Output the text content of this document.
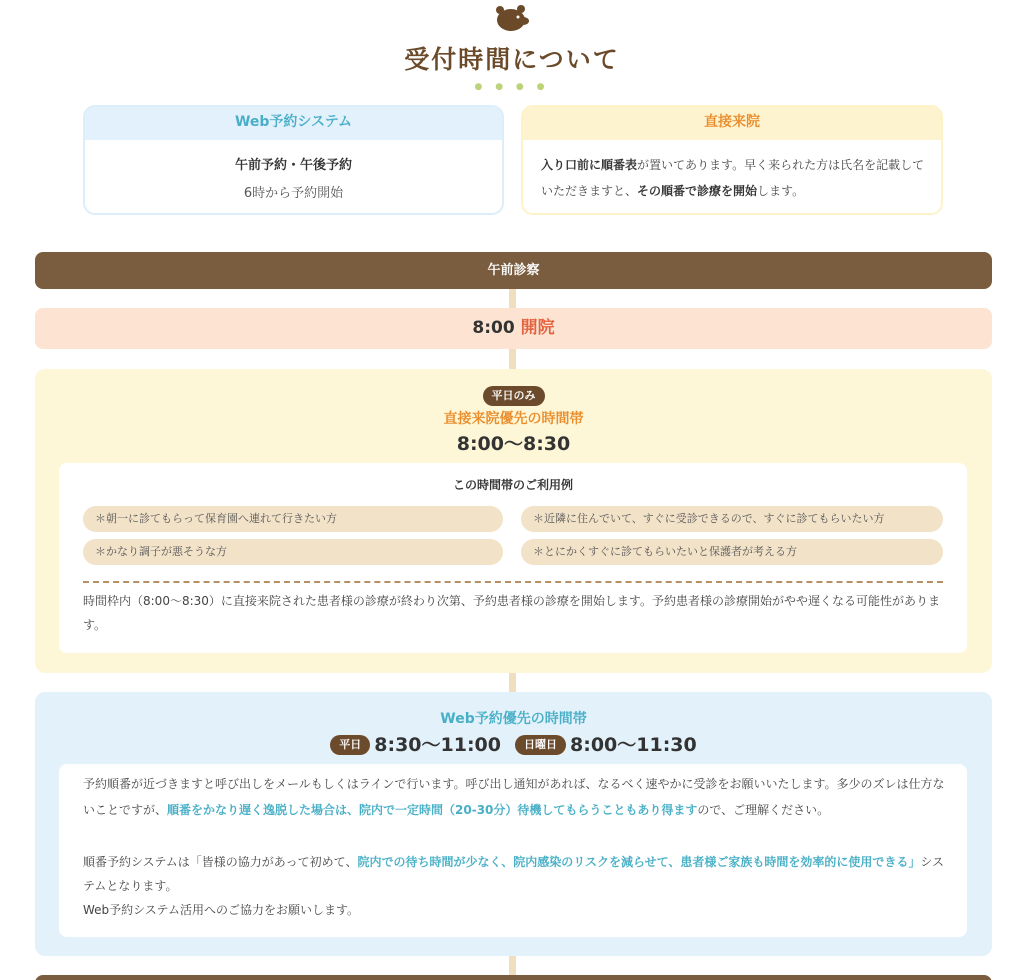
受付時間について
● ● ● ●
Web予約システム
午前予約・午後予約
6時から予約開始
直接来院
入り口前に順番表が置いてあります。早く来られた方は氏名を記載していただきますと、その順番で診療を開始します。
午前診察
8:00 開院
平日のみ
直接来院優先の時間帯
8:00〜8:30
この時間帯のご利用例
＊朝一に診てもらって保育園へ連れて行きたい方	＊近隣に住んでいて、すぐに受診できるので、すぐに診てもらいたい方
＊かなり調子が悪そうな方	＊とにかくすぐに診てもらいたいと保護者が考える方
時間枠内（8:00〜8:30）に直接来院された患者様の診療が終わり次第、予約患者様の診療を開始します。予約患者様の診療開始がやや遅くなる可能性があります。
Web予約優先の時間帯
平日 8:30〜11:00 日曜日 8:00〜11:30
予約順番が近づきますと呼び出しをメールもしくはラインで行います。呼び出し通知があれば、なるべく速やかに受診をお願いいたします。多少のズレは仕方ないことですが、順番をかなり遅く逸脱した場合は、院内で一定時間（20-30分）待機してもらうこともあり得ますので、ご理解ください。
順番予約システムは「皆様の協力があって初めて、院内での待ち時間が少なく、院内感染のリスクを減らせて、患者様ご家族も時間を効率的に使用できる」システムとなります。
Web予約システム活用へのご協力をお願いします。
